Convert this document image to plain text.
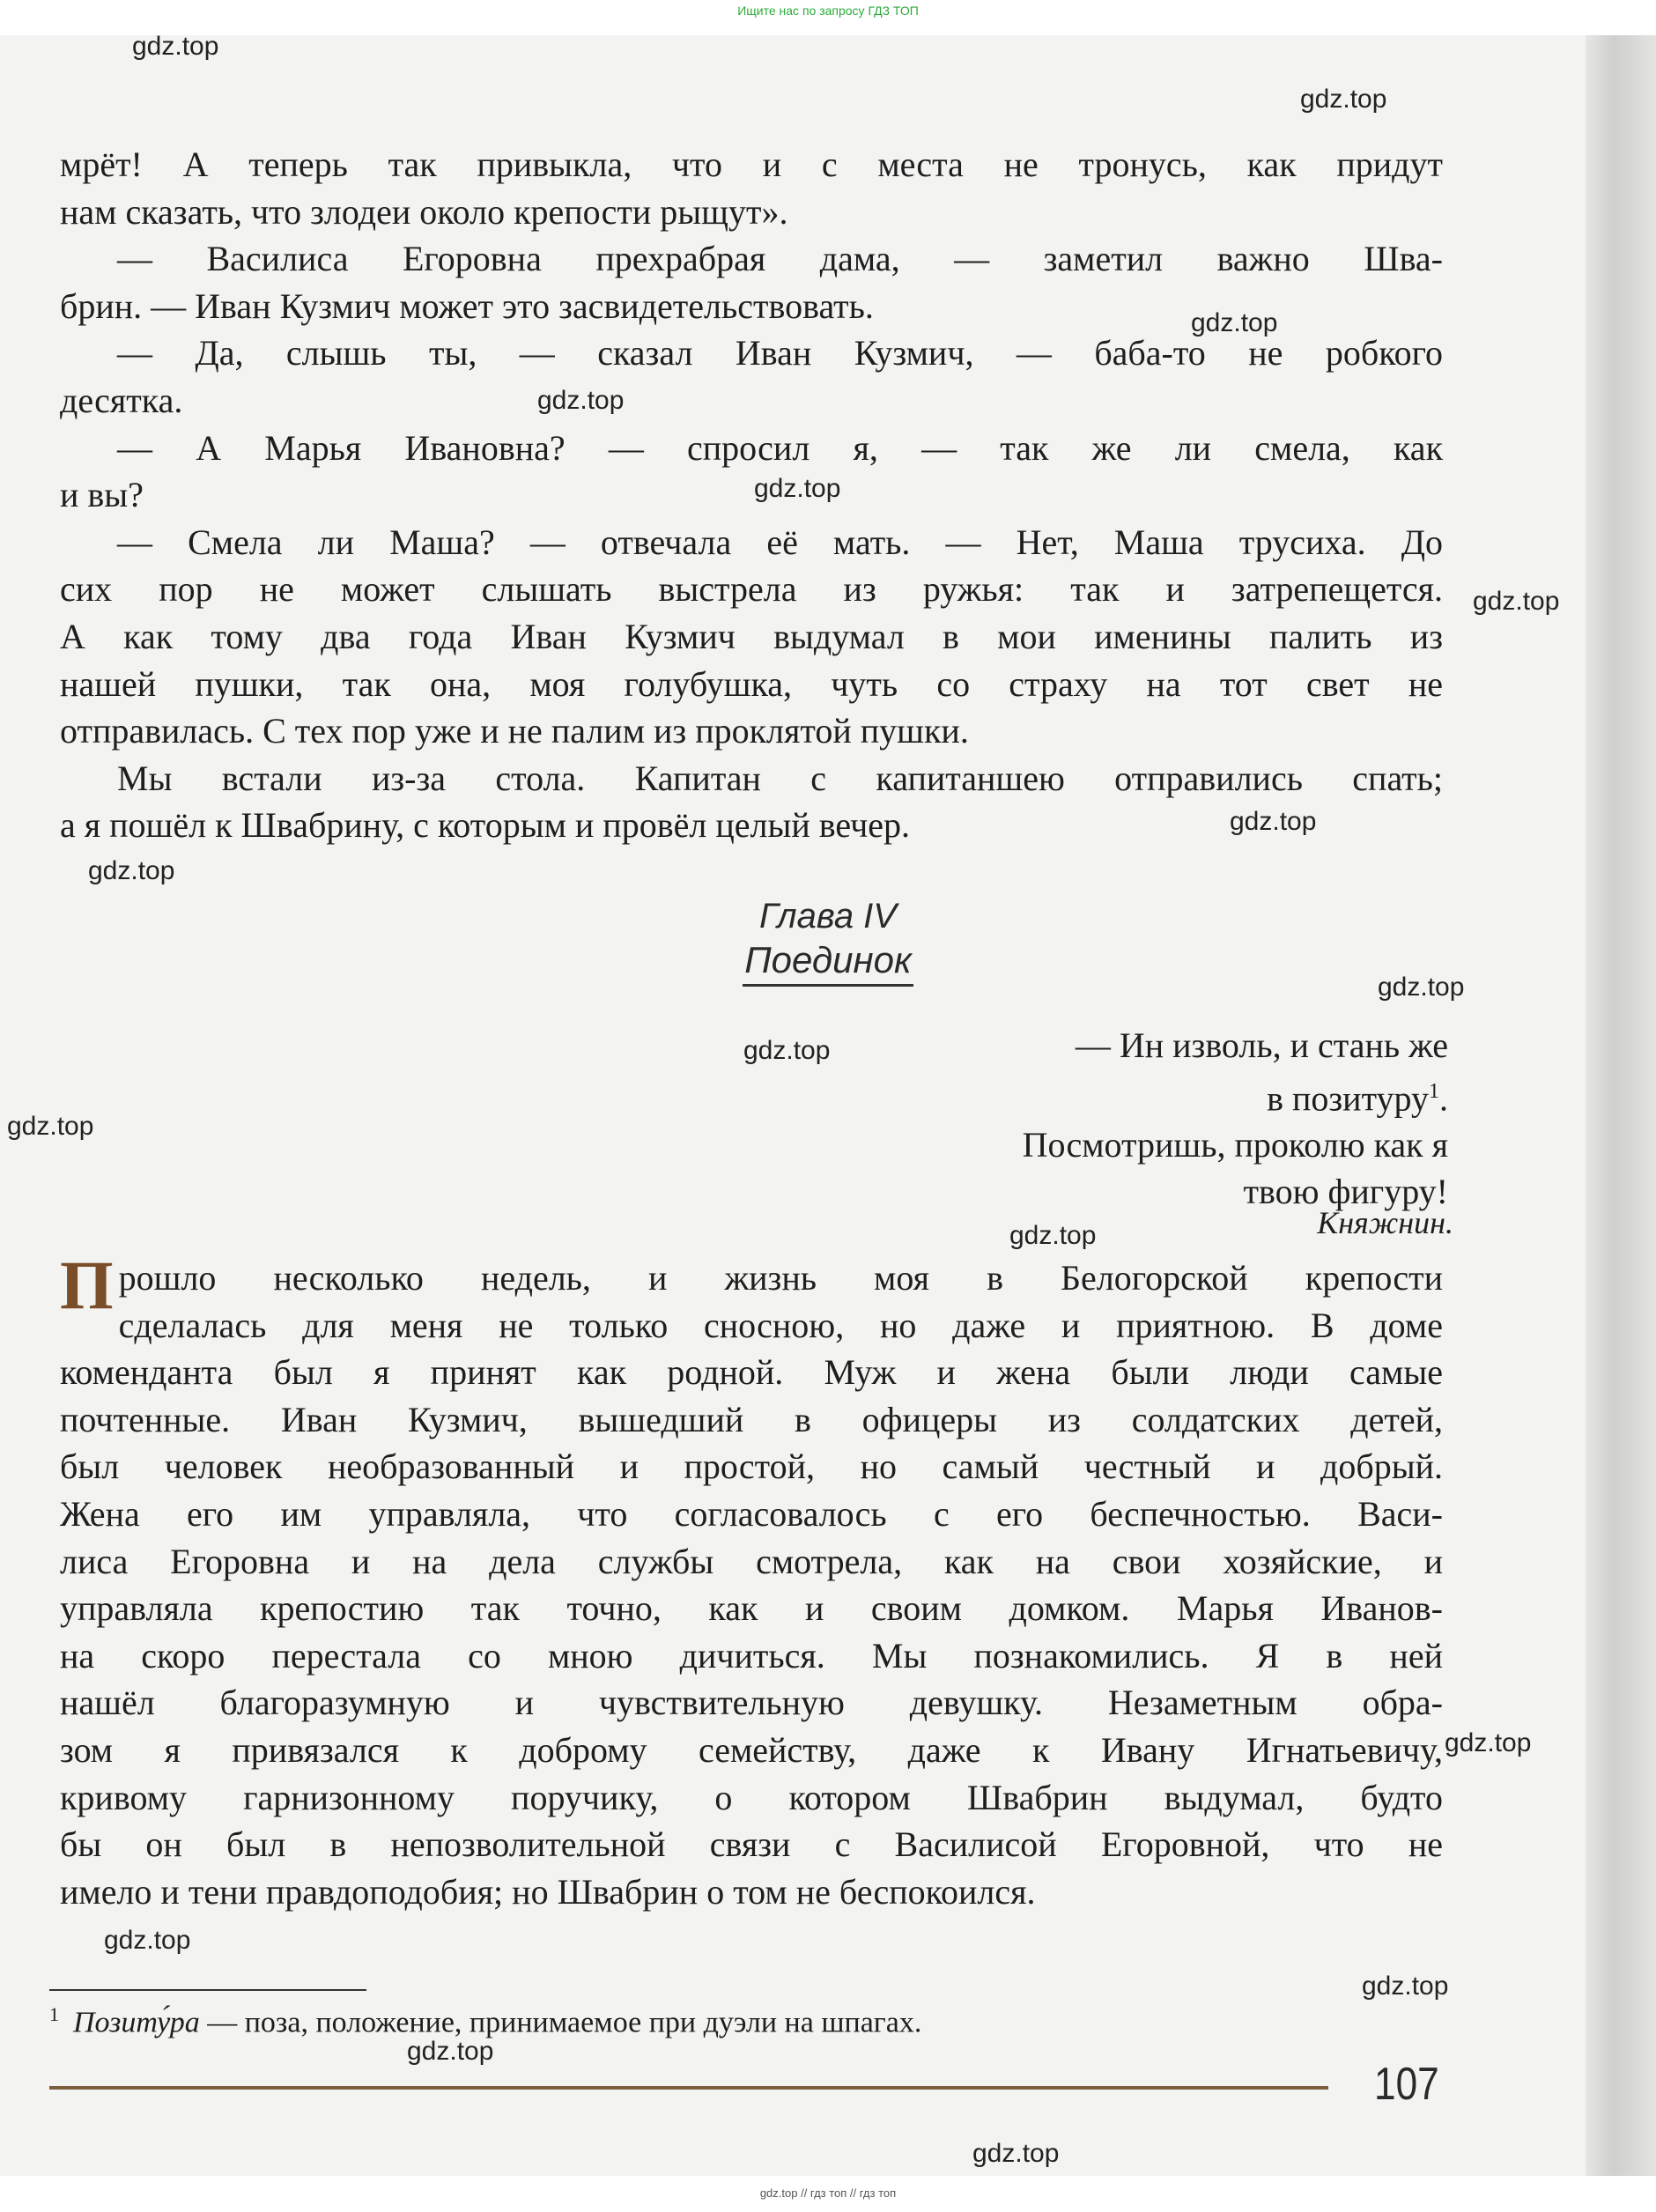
Ищите нас по запросу ГДЗ ТОП
мрёт! А теперь так привыкла, что и с места не тронусь, как придут
нам сказать, что злодеи около крепости рыщут».
— Василиса Егоровна прехрабрая дама, — заметил важно Шва-
брин. — Иван Кузмич может это засвидетельствовать.
— Да, слышь ты, — сказал Иван Кузмич, — баба-то не робкого
десятка.
— А Марья Ивановна? — спросил я, — так же ли смела, как
и вы?
— Смела ли Маша? — отвечала её мать. — Нет, Маша трусиха. До
сих пор не может слышать выстрела из ружья: так и затрепещется.
А как тому два года Иван Кузмич выдумал в мои именины палить из
нашей пушки, так она, моя голубушка, чуть со страху на тот свет не
отправилась. С тех пор уже и не палим из проклятой пушки.
Мы встали из-за стола. Капитан с капитаншею отправились спать;
а я пошёл к Швабрину, с которым и провёл целый вечер.
Глава IV
Поединок
— Ин изволь, и стань же
в позитуру$^1$.
Посмотришь, проколю как я
твою фигуру!
Княжнин.
П рошло несколько недель, и жизнь моя в Белогорской крепости
сделалась для меня не только сносною, но даже и приятною. В доме
коменданта был я принят как родной. Муж и жена были люди самые
почтенные. Иван Кузмич, вышедший в офицеры из солдатских детей,
был человек необразованный и простой, но самый честный и добрый.
Жена его им управляла, что согласовалось с его беспечностью. Васи-
лиса Егоровна и на дела службы смотрела, как на свои хозяйские, и
управляла крепостию так точно, как и своим домком. Марья Иванов-
на скоро перестала со мною дичиться. Мы познакомились. Я в ней
нашёл благоразумную и чувствительную девушку. Незаметным обра-
зом я привязался к доброму семейству, даже к Ивану Игнатьевичу,
кривому гарнизонному поручику, о котором Швабрин выдумал, будто
бы он был в непозволительной связи с Василисой Егоровной, что не
имело и тени правдоподобия; но Швабрин о том не беспокоился.
$^1$ Позиту́ра — поза, положение, принимаемое при дуэли на шпагах.
107
gdz.top
gdz.top
gdz.top
gdz.top
gdz.top
gdz.top
gdz.top
gdz.top
gdz.top
gdz.top
gdz.top
gdz.top
gdz.top
gdz.top
gdz.top
gdz.top
gdz.top
gdz.top // гдз топ // гдз топ
